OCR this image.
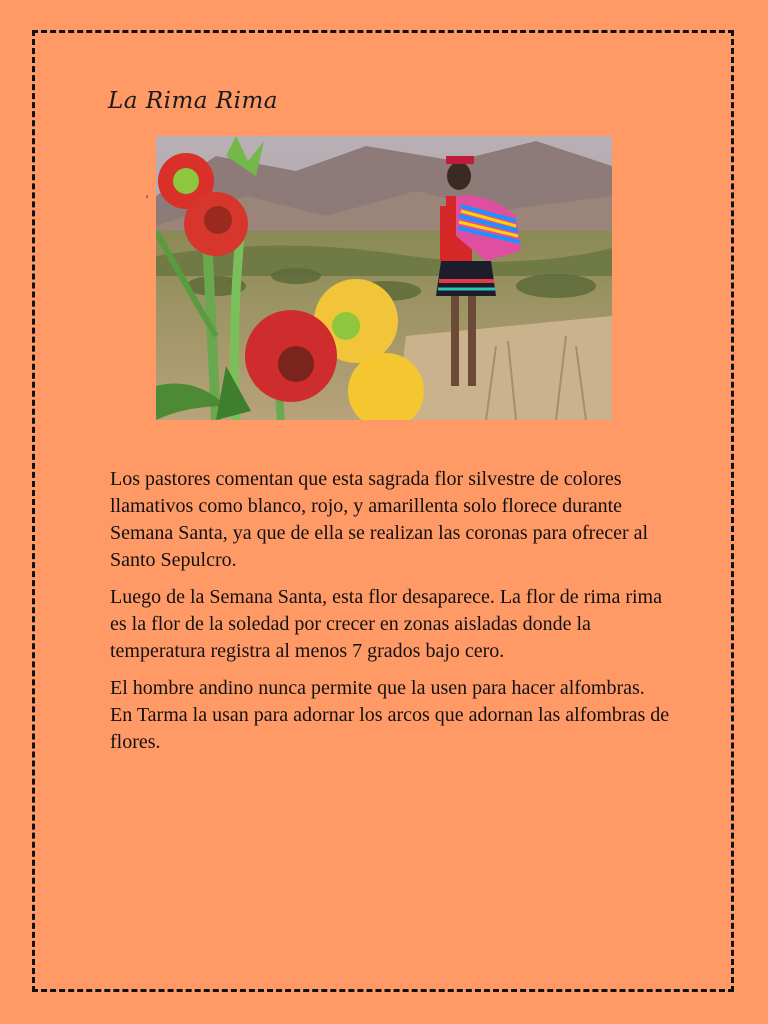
La Rima Rima
'

Los pastores comentan que esta sagrada flor silvestre de colores llamativos como blanco, rojo, y amarillenta solo florece durante Semana Santa, ya que de ella se realizan las coronas para ofrecer al Santo Sepulcro.

Luego de la Semana Santa, esta flor desaparece. La flor de rima rima es la flor de la soledad por crecer en zonas aisladas donde la temperatura registra al menos 7 grados bajo cero.

El hombre andino nunca permite que la usen para hacer alfombras. En Tarma la usan para adornar los arcos que adornan las alfombras de flores.
